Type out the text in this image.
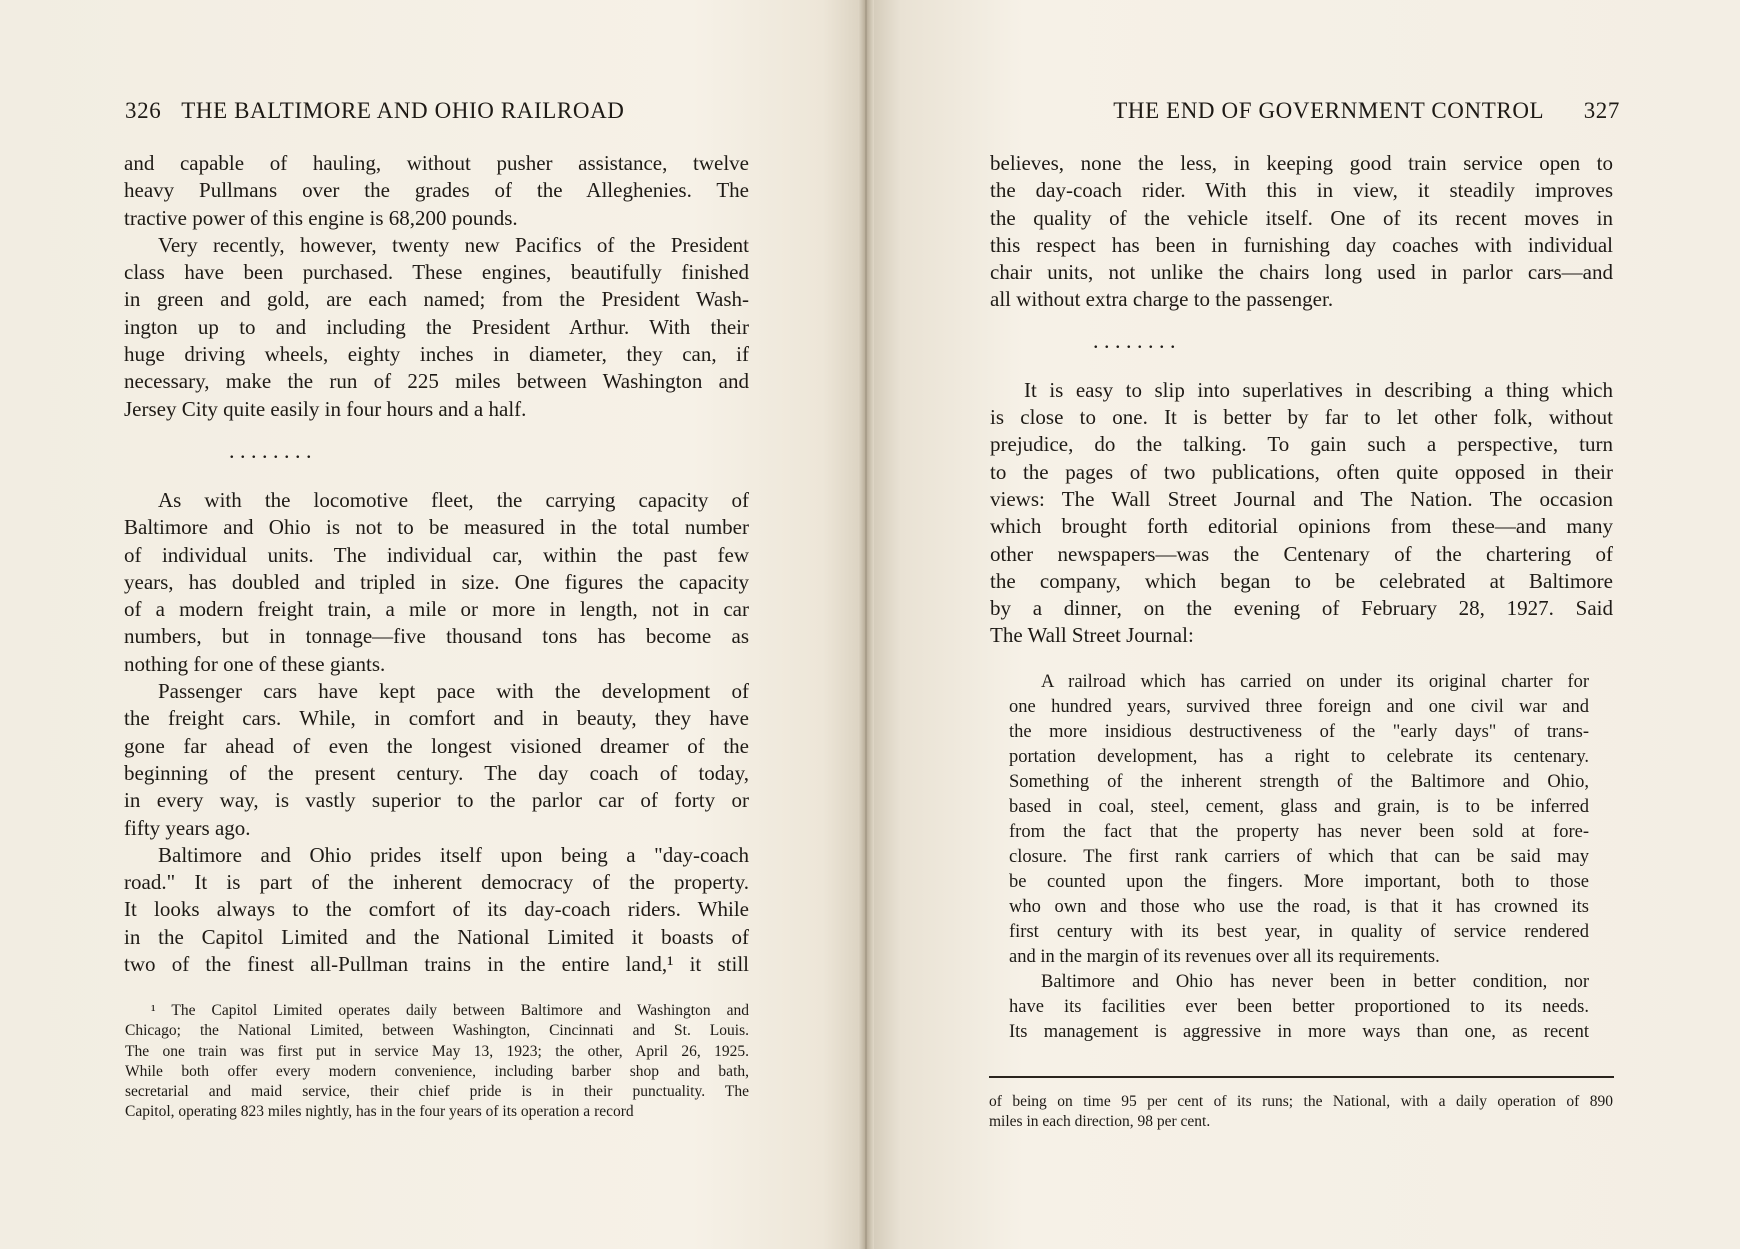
326 THE BALTIMORE AND OHIO RAILROAD
and capable of hauling, without pusher assistance, twelve
heavy Pullmans over the grades of the Alleghenies. The
tractive power of this engine is 68,200 pounds.
Very recently, however, twenty new Pacifics of the President
class have been purchased. These engines, beautifully finished
in green and gold, are each named; from the President Wash-
ington up to and including the President Arthur. With their
huge driving wheels, eighty inches in diameter, they can, if
necessary, make the run of 225 miles between Washington and
Jersey City quite easily in four hours and a half.
. . . . . . . .
As with the locomotive fleet, the carrying capacity of
Baltimore and Ohio is not to be measured in the total number
of individual units. The individual car, within the past few
years, has doubled and tripled in size. One figures the capacity
of a modern freight train, a mile or more in length, not in car
numbers, but in tonnage—five thousand tons has become as
nothing for one of these giants.
Passenger cars have kept pace with the development of
the freight cars. While, in comfort and in beauty, they have
gone far ahead of even the longest visioned dreamer of the
beginning of the present century. The day coach of today,
in every way, is vastly superior to the parlor car of forty or
fifty years ago.
Baltimore and Ohio prides itself upon being a "day-coach
road." It is part of the inherent democracy of the property.
It looks always to the comfort of its day-coach riders. While
in the Capitol Limited and the National Limited it boasts of
two of the finest all-Pullman trains in the entire land,¹ it still
¹ The Capitol Limited operates daily between Baltimore and Washington and
Chicago; the National Limited, between Washington, Cincinnati and St. Louis.
The one train was first put in service May 13, 1923; the other, April 26, 1925.
While both offer every modern convenience, including barber shop and bath,
secretarial and maid service, their chief pride is in their punctuality. The
Capitol, operating 823 miles nightly, has in the four years of its operation a record
THE END OF GOVERNMENT CONTROL 327
believes, none the less, in keeping good train service open to
the day-coach rider. With this in view, it steadily improves
the quality of the vehicle itself. One of its recent moves in
this respect has been in furnishing day coaches with individual
chair units, not unlike the chairs long used in parlor cars—and
all without extra charge to the passenger.
. . . . . . . .
It is easy to slip into superlatives in describing a thing which
is close to one. It is better by far to let other folk, without
prejudice, do the talking. To gain such a perspective, turn
to the pages of two publications, often quite opposed in their
views: The Wall Street Journal and The Nation. The occasion
which brought forth editorial opinions from these—and many
other newspapers—was the Centenary of the chartering of
the company, which began to be celebrated at Baltimore
by a dinner, on the evening of February 28, 1927. Said
The Wall Street Journal:
A railroad which has carried on under its original charter for
one hundred years, survived three foreign and one civil war and
the more insidious destructiveness of the "early days" of trans-
portation development, has a right to celebrate its centenary.
Something of the inherent strength of the Baltimore and Ohio,
based in coal, steel, cement, glass and grain, is to be inferred
from the fact that the property has never been sold at fore-
closure. The first rank carriers of which that can be said may
be counted upon the fingers. More important, both to those
who own and those who use the road, is that it has crowned its
first century with its best year, in quality of service rendered
and in the margin of its revenues over all its requirements.
Baltimore and Ohio has never been in better condition, nor
have its facilities ever been better proportioned to its needs.
Its management is aggressive in more ways than one, as recent
of being on time 95 per cent of its runs; the National, with a daily operation of 890
miles in each direction, 98 per cent.
